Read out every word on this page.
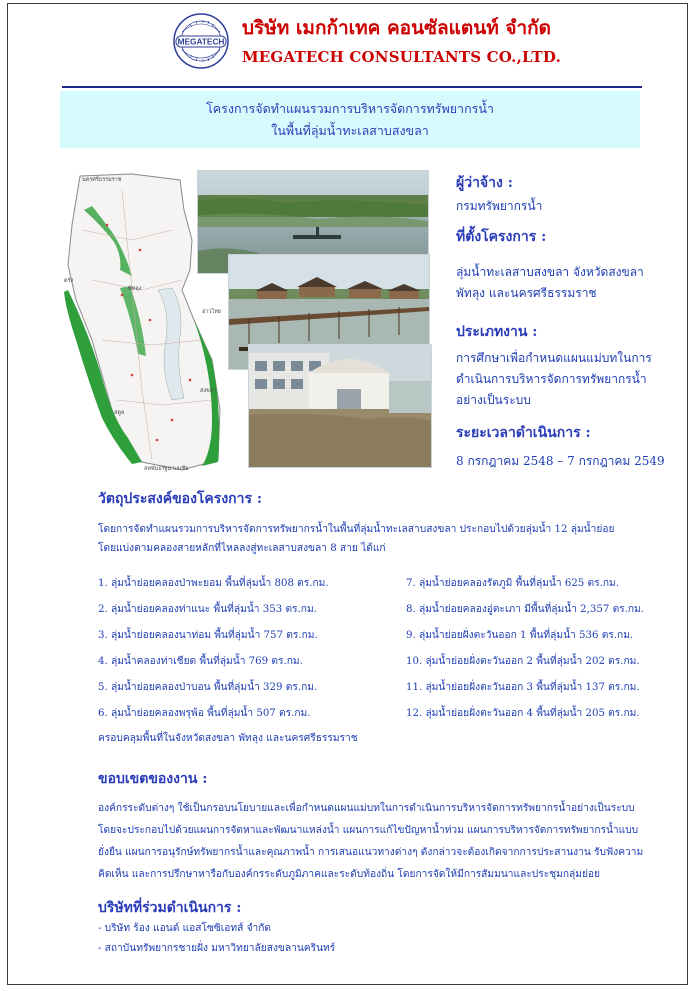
MEGATECH
บริษัท เมกก้าเทค คอนซัลแตนท์ จำกัด
MEGATECH CONSULTANTS CO.,LTD.
โครงการจัดทำแผนรวมการบริหารจัดการทรัพยากรน้ำ
ในพื้นที่ลุ่มน้ำทะเลสาบสงขลา
นครศรีธรรมราช
ตรัง
พัทลุง
สงขลา
สตูล
สหพันธรัฐมาเลเซีย
อ่าวไทย
ผู้ว่าจ้าง :
กรมทรัพยากรน้ำ
ที่ตั้งโครงการ :
ลุ่มน้ำทะเลสาบสงขลา จังหวัดสงขลา
พัทลุง และนครศรีธรรมราช
ประเภทงาน :
การศึกษาเพื่อกำหนดแผนแม่บทในการ
ดำเนินการบริหารจัดการทรัพยากรน้ำ
อย่างเป็นระบบ
ระยะเวลาดำเนินการ :
8 กรกฎาคม 2548 – 7 กรกฎาคม 2549
วัตถุประสงค์ของโครงการ :
โดยการจัดทำแผนรวมการบริหารจัดการทรัพยากรน้ำในพื้นที่ลุ่มน้ำทะเลสาบสงขลา ประกอบไปด้วยลุ่มน้ำ 12 ลุ่มน้ำย่อย
โดยแบ่งตามคลองสายหลักที่ไหลลงสู่ทะเลสาบสงขลา 8 สาย ได้แก่
1. ลุ่มน้ำย่อยคลองป่าพะยอม พื้นที่ลุ่มน้ำ 808 ตร.กม.
2. ลุ่มน้ำย่อยคลองท่าแนะ พื้นที่ลุ่มน้ำ 353 ตร.กม.
3. ลุ่มน้ำย่อยคลองนาท่อม พื้นที่ลุ่มน้ำ 757 ตร.กม.
4. ลุ่มน้ำคลองท่าเชียด พื้นที่ลุ่มน้ำ 769 ตร.กม.
5. ลุ่มน้ำย่อยคลองป่าบอน พื้นที่ลุ่มน้ำ 329 ตร.กม.
6. ลุ่มน้ำย่อยคลองพรุพ้อ พื้นที่ลุ่มน้ำ 507 ตร.กม.
7. ลุ่มน้ำย่อยคลองรัตภูมิ พื้นที่ลุ่มน้ำ 625 ตร.กม.
8. ลุ่มน้ำย่อยคลองอู่ตะเภา มีพื้นที่ลุ่มน้ำ 2,357 ตร.กม.
9. ลุ่มน้ำย่อยฝั่งตะวันออก 1 พื้นที่ลุ่มน้ำ 536 ตร.กม.
10. ลุ่มน้ำย่อยฝั่งตะวันออก 2 พื้นที่ลุ่มน้ำ 202 ตร.กม.
11. ลุ่มน้ำย่อยฝั่งตะวันออก 3 พื้นที่ลุ่มน้ำ 137 ตร.กม.
12. ลุ่มน้ำย่อยฝั่งตะวันออก 4 พื้นที่ลุ่มน้ำ 205 ตร.กม.
ครอบคลุมพื้นที่ในจังหวัดสงขลา พัทลุง และนครศรีธรรมราช
ขอบเขตของงาน :
องค์กรระดับต่างๆ ใช้เป็นกรอบนโยบายและเพื่อกำหนดแผนแม่บทในการดำเนินการบริหารจัดการทรัพยากรน้ำอย่างเป็นระบบ
โดยจะประกอบไปด้วยแผนการจัดหาและพัฒนาแหล่งน้ำ แผนการแก้ไขปัญหาน้ำท่วม แผนการบริหารจัดการทรัพยากรน้ำแบบ
ยั่งยืน แผนการอนุรักษ์ทรัพยากรน้ำและคุณภาพน้ำ การเสนอแนวทางต่างๆ ดังกล่าวจะต้องเกิดจากการประสานงาน รับฟังความ
คิดเห็น และการปรึกษาหารือกับองค์กรระดับภูมิภาคและระดับท้องถิ่น โดยการจัดให้มีการสัมมนาและประชุมกลุ่มย่อย
บริษัทที่ร่วมดำเนินการ :
- บริษัท ร้อง แอนด์ แอสโซซิเอทส์ จำกัด
- สถาบันทรัพยากรชายฝั่ง มหาวิทยาลัยสงขลานครินทร์
